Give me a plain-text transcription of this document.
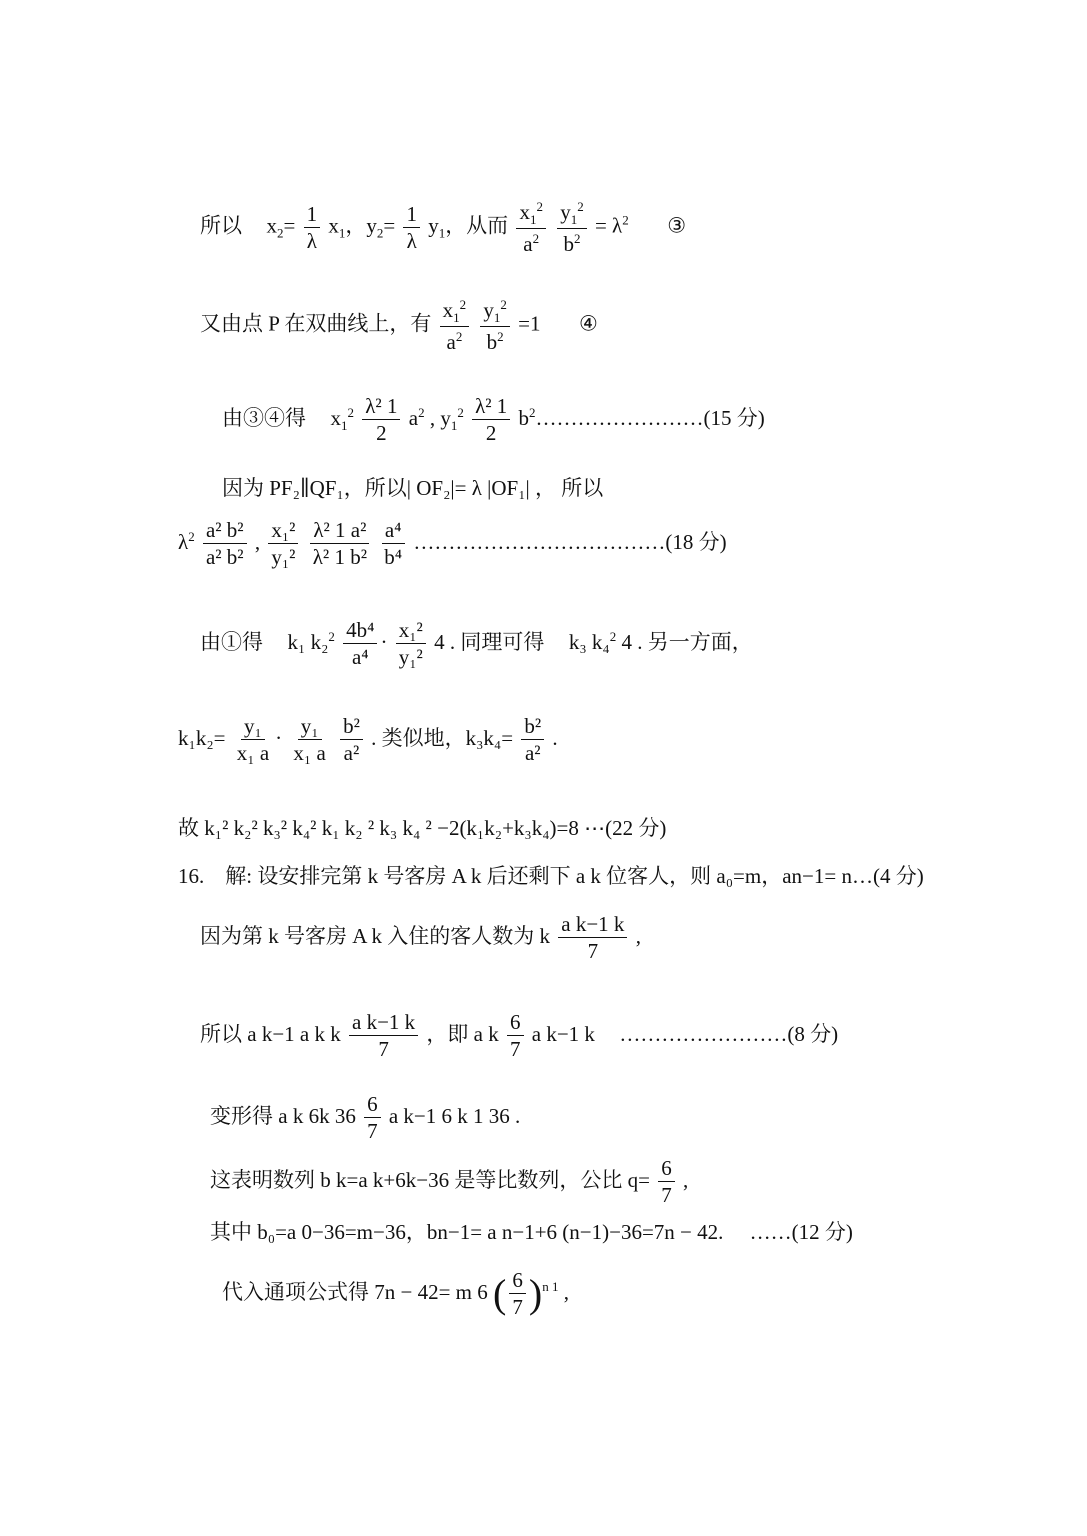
所以 $x_2= \frac{1}{\lambda} x_1$，$y_2= \frac{1}{\lambda} y_1$，从而 $\frac{x_1^2}{a^2}$
$\frac{y_1^2}{b^2} = \lambda^2$ ③
又由点 P 在双曲线上，有 $\frac{x_1^2}{a^2}$
$\frac{y_1^2}{b^2} =1$ ④
由③④得 $x_1^2 \frac{\text{λ² 1}}{2} a^2$ , $y_1^2 \frac{\text{λ² 1}}{2}$ $b^2\dots\dots\dots\dots\dots\dots\dots\dots(15$ 分)
因为 PF₂∥QF₁，所以| OF₂|= λ |OF₁| ， 所以
$\lambda^2 \frac{\text{a² b²}}{\text{a² b²}}$ , $\frac{\text{x₁²}}{\text{y₁²}}$
$\frac{\text{λ² 1 a²}}{\text{λ² 1 b²}}$
$\frac{\text{a⁴}}{\text{b⁴}}$ ………………………………(18 分)
由①得 k₁ $k_2^2 \frac{\text{4b⁴}}{\text{a⁴}} \cdot \frac{\text{x₁²}}{\text{y₁²}} 4$ . 同理可得 k₃ k₄$^2$ 4 . 另一方面，
$k_1k_2= \frac{\text{y₁}}{\text{x₁ a}} \cdot \frac{\text{y₁}}{\text{x₁ a}}$
$\frac{\text{b²}}{\text{a²}}$ . 类似地，$k_3k_4= \frac{\text{b²}}{\text{a²}}$ .
故 k₁² k₂² k₃² k₄² k₁ k₂ ² k₃ k₄ ² −2(k₁k₂+k₃k₄)=8 ⋯(22 分)
16.　解: 设安排完第 k 号客房 A k 后还剩下 a k 位客人，则 a₀=m，an−1= n…(4 分)
因为第 k 号客房 A k 入住的客人数为 k $\frac{\text{a k−1 k}}{7}$ ,
所以 a k−1 a k k $\frac{\text{a k−1 k}}{7}$ ，即 a k $\frac{6}{7}$ a k−1 k ……………………(8 分)
变形得 a k 6k $36 \frac{6}{7}$ a k−1 6 k 1 36 .
这表明数列 b k=a k+6k−36 是等比数列，公比 $q= \frac{6}{7}$ ,
其中 b₀=a 0−36=m−36，bn−1= a n−1+6 (n−1)−36=7n − 42.　 ……(12 分)
代入通项公式得 7n − 42= m 6 ( $\frac{6}{7} )^{n 1}$ ,
